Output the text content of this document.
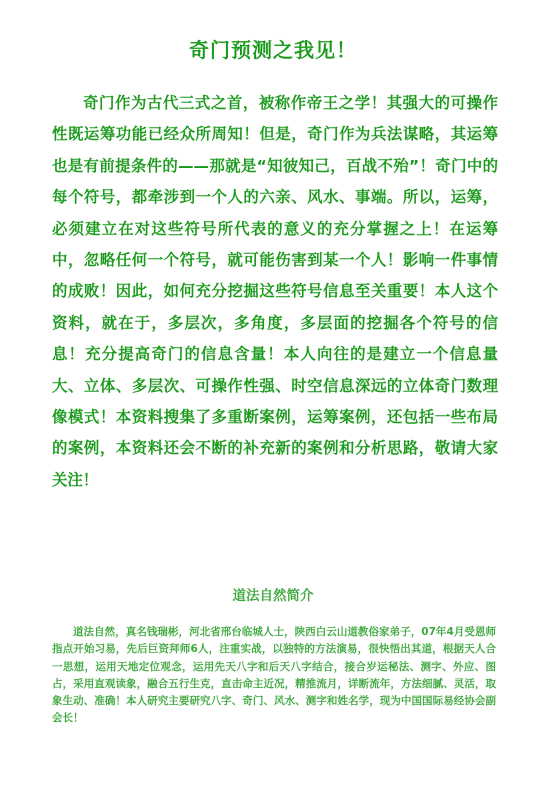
奇门预测之我见！

奇门作为古代三式之首，被称作帝王之学！其强大的可操作性既运筹功能已经众所周知！但是，奇门作为兵法谋略，其运筹也是有前提条件的——那就是“知彼知己，百战不殆”！奇门中的每个符号，都牵涉到一个人的六亲、风水、事端。所以，运筹，必须建立在对这些符号所代表的意义的充分掌握之上！在运筹中，忽略任何一个符号，就可能伤害到某一个人！影响一件事情的成败！因此，如何充分挖掘这些符号信息至关重要！本人这个资料，就在于，多层次，多角度，多层面的挖掘各个符号的信息！充分提高奇门的信息含量！本人向往的是建立一个信息量大、立体、多层次、可操作性强、时空信息深远的立体奇门数理像模式！本资料搜集了多重断案例，运筹案例，还包括一些布局的案例，本资料还会不断的补充新的案例和分析思路，敬请大家关注！

道法自然简介

道法自然，真名钱瑞彬，河北省邢台临城人士，陕西白云山道教俗家弟子，07年4月受恩师指点开始习易，先后巨资拜师6人，注重实战，以独特的方法演易，很快悟出其道，根据天人合一思想，运用天地定位观念，运用先天八字和后天八字结合，接合岁运秘法、测字、外应、图占，采用直观读象，融合五行生克，直击命主近况，精推流月，详断流年，方法细腻、灵活，取象生动、准确！本人研究主要研究八字、奇门、风水、测字和姓名学，现为中国国际易经协会副会长！
